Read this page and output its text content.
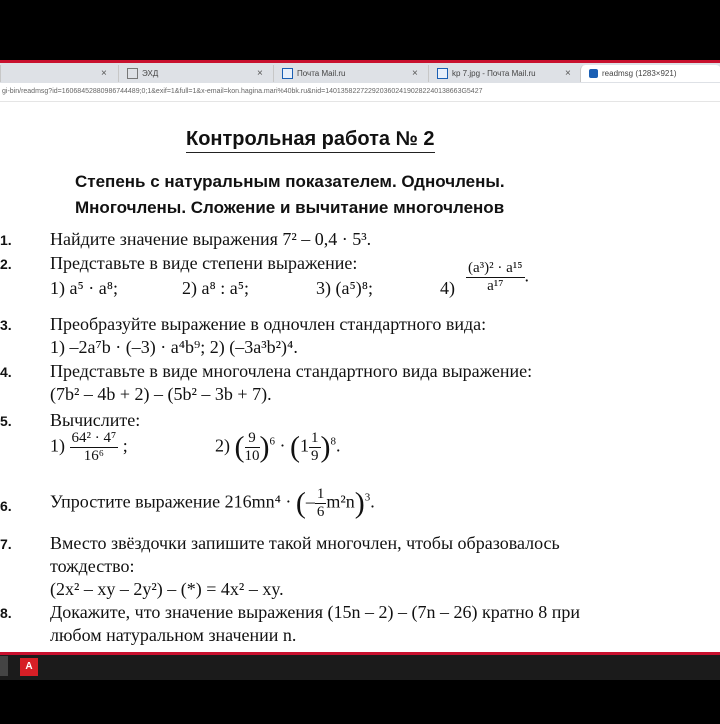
×	ЭХД	×	Почта Mail.ru	×	kp 7.jpg - Почта Mail.ru	×	readmsg (1283×921)
gi-bin/readmsg?id=16068452880986744489;0;1&exif=1&full=1&x-email=kon.hagina.mari%40bk.ru&nid=14013582272292036024190282240138663G5427
Контрольная работа № 2
Степень с натуральным показателем. Одночлены.
Многочлены. Сложение и вычитание многочленов
1. Найдите значение выражения 7² – 0,4 · 5³.
2. Представьте в виде степени выражение:
1) a⁵ · a⁸;	2) a⁸ : a⁵;	3) (a⁵)⁸;	$4) \frac{\text{(a³)² · a¹⁵}}{\text{a¹⁷}}$ .
3. Преобразуйте выражение в одночлен стандартного вида:
1) –2a⁷b · (–3) · a⁴b⁹; 2) (–3a³b²)⁴.
4. Представьте в виде многочлена стандартного вида выражение:
(7b² – 4b + 2) – (5b² – 3b + 7).
5. Вычислите:
$1) \frac{\text{64² · 4⁷}}{\text{16⁶}}$ ;	2) ( $\frac{9}{10} )^6 \cdot (1 \frac{1}{9} )^8$.
6. Упростите выражение 216mn⁴ · (– $\frac{1}{6} m^2n)^3$.
7. Вместо звёздочки запишите такой многочлен, чтобы образовалось
тождество:
(2x² – xy – 2y²) – (*) = 4x² – xy.
8. Докажите, что значение выражения (15n – 2) – (7n – 26) кратно 8 при
любом натуральном значении n.
A
